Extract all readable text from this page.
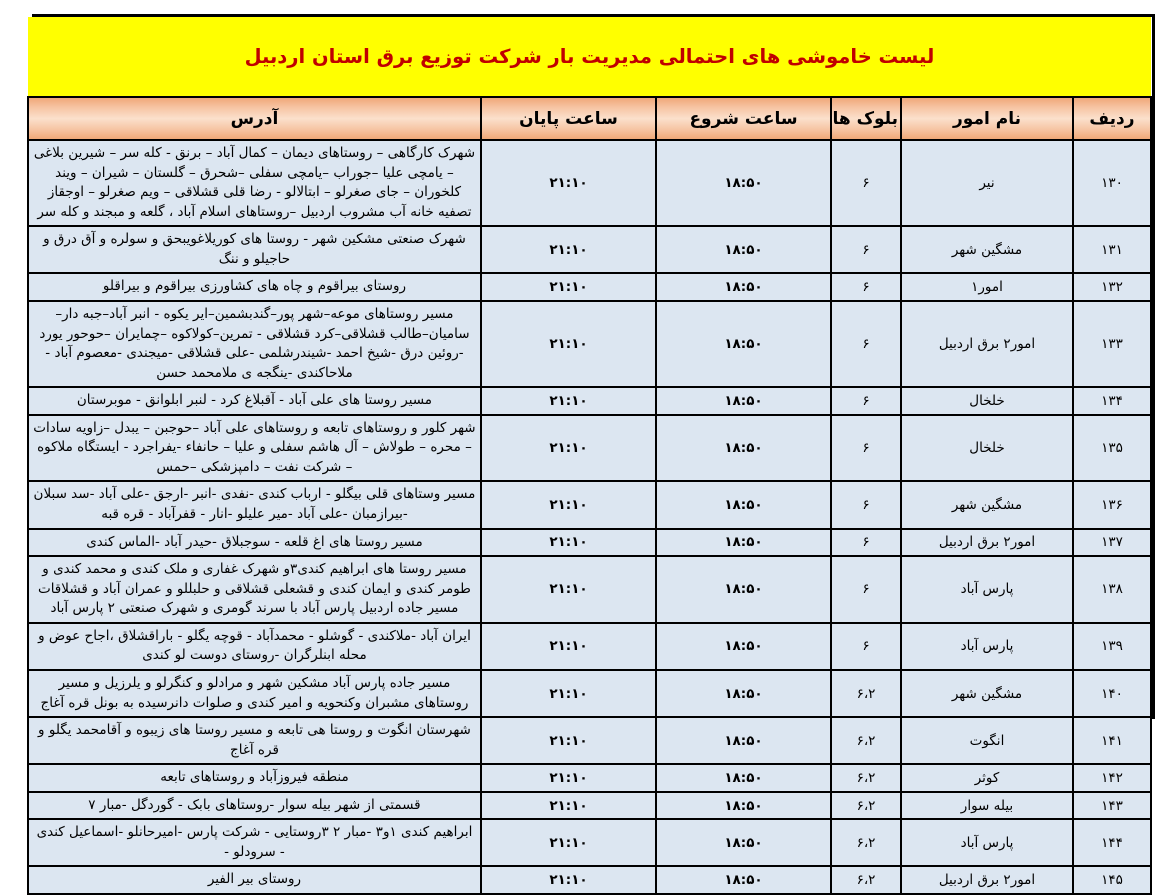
لیست خاموشی های احتمالی مدیریت بار شرکت توزیع برق استان اردبیل					

ردیف	نام امور	بلوک ها	ساعت شروع	ساعت پایان	آدرس
۱۳۰	نیر	۶	۱۸:۵۰	۲۱:۱۰	شهرک کارگاهی – روستاهای دیمان – کمال آباد – برنق - کله سر – شیرین بلاغی – یامچی علیا –جوراب –یامچی سفلی –شحرق – گلستان – شیران – ویند کلخوران – جای صغرلو – ابتالالو - رضا قلی قشلاقی – ویم صغرلو – اوجقاز تصفیه خانه آب مشروب اردبیل –روستاهای اسلام آباد ، گلعه و مبجند و کله سر
۱۳۱	مشگین شهر	۶	۱۸:۵۰	۲۱:۱۰	شهرک صنعتی مشکین شهر - روستا های کوریلاغویبحق و سولره و آق درق و حاجیلو و ننگ
۱۳۲	امور۱	۶	۱۸:۵۰	۲۱:۱۰	روستای بیراقوم و چاه های کشاورزی بیراقوم و بیراقلو
۱۳۳	امور۲ برق اردبیل	۶	۱۸:۵۰	۲۱:۱۰	مسیر روستاهای موعه–شهر پور–گندبشمین–ایر یکوه - انبر آباد–جبه دار–سامیان–طالب قشلاقی–کرد قشلاقی - تمرین–کولاکوه –چمایران –حوحور یورد -روئین درق -شیخ احمد -شیندرشلمی -علی قشلاقی -میجندی -معصوم آباد - ملاحاکندی -ینگجه ی ملامحمد حسن
۱۳۴	خلخال	۶	۱۸:۵۰	۲۱:۱۰	مسیر روستا های علی آباد - آقبلاغ کرد - لنبر ابلوانق - موبرستان
۱۳۵	خلخال	۶	۱۸:۵۰	۲۱:۱۰	شهر کلور و روستاهای تابعه و روستاهای علی آباد –حوجبن – یبدل –زاویه سادات – محره – طولاش – آل هاشم سفلی و علیا – حانفاء -یفراجرد - ایستگاه ملاکوه – شرکت نفت – دامپزشکی –حمس
۱۳۶	مشگین شهر	۶	۱۸:۵۰	۲۱:۱۰	مسیر وستاهای قلی بیگلو - ارباب کندی -نفدی -انبر -ارجق -علی آباد -سد سبلان -بیرازمبان -علی آباد -میر علیلو -انار - قفرآباد - قره قبه
۱۳۷	امور۲ برق اردبیل	۶	۱۸:۵۰	۲۱:۱۰	مسیر روستا های اغ قلعه - سوجبلاق -حیدر آباد -الماس کندی
۱۳۸	پارس آباد	۶	۱۸:۵۰	۲۱:۱۰	مسیر روستا های ابراهیم کندی۳و شهرک غفاری و ملک کندی و محمد کندی و طومر کندی و ایمان کندی و قشعلی قشلاقی و حلبللو و عمران آباد و قشلاقات مسیر جاده اردبیل پارس آباد با سرند گومری و شهرک صنعتی ۲ پارس آباد
۱۳۹	پارس آباد	۶	۱۸:۵۰	۲۱:۱۰	ایران آباد -ملاکندی - گوشلو - محمدآباد - قوچه یگلو - باراقشلاق ،اجاح عوض و محله ابنلرگران -روستای دوست لو کندی
۱۴۰	مشگین شهر	۶،۲	۱۸:۵۰	۲۱:۱۰	مسیر جاده پارس آباد مشکین شهر و مرادلو و کنگرلو و یلرزیل و مسیر روستاهای مشبران وکنحویه و امیر کندی و صلوات دانرسیده به بونل قره آغاج
۱۴۱	انگوت	۶،۲	۱۸:۵۰	۲۱:۱۰	شهرستان انگوت و روستا هی تابعه و مسیر روستا های زیبوه و آقامحمد یگلو و قره آغاج
۱۴۲	کوثر	۶،۲	۱۸:۵۰	۲۱:۱۰	منطقه فیروزآباد و روستاهای تابعه
۱۴۳	بیله سوار	۶،۲	۱۸:۵۰	۲۱:۱۰	قسمتی از شهر بیله سوار -روستاهای بابک - گوردگل -مبار ۷
۱۴۴	پارس آباد	۶،۲	۱۸:۵۰	۲۱:۱۰	ابراهیم کندی ۱و۳ -مبار ۲ ۳روستایی - شرکت پارس -امیرحانلو -اسماعیل کندی - سرودلو -
۱۴۵	امور۲ برق اردبیل	۶،۲	۱۸:۵۰	۲۱:۱۰	روستای بیر الفیر
